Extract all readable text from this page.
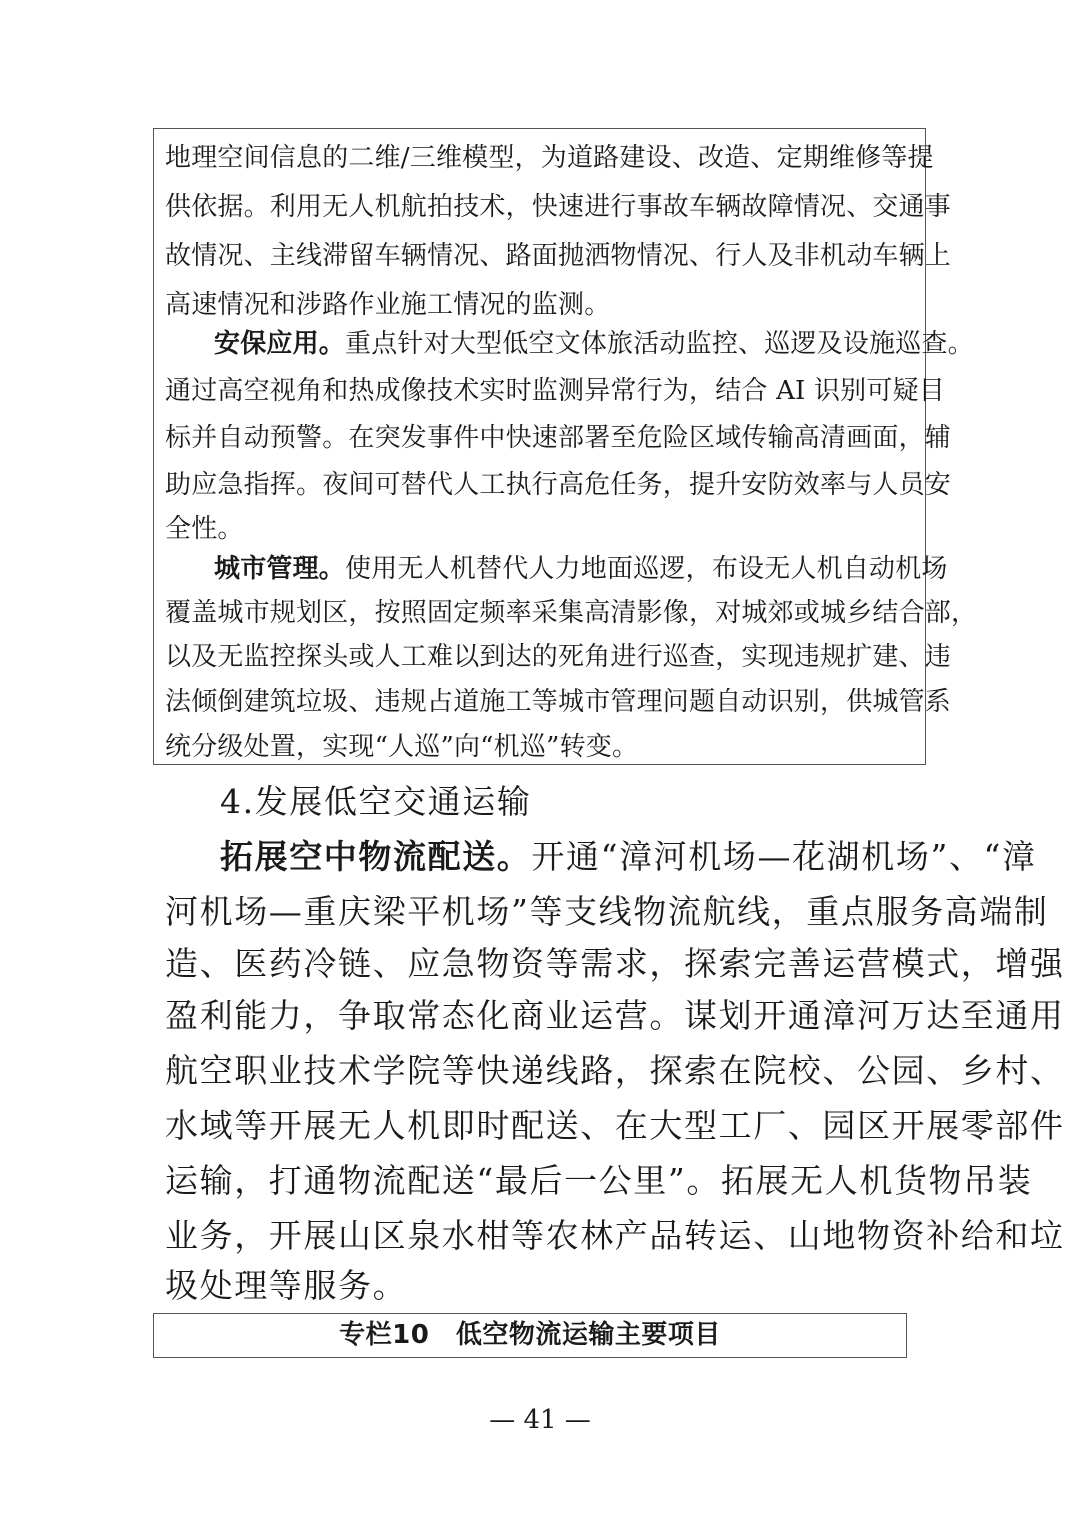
地理空间信息的二维/三维模型，为道路建设、改造、定期维修等提
供依据。利用无人机航拍技术，快速进行事故车辆故障情况、交通事
故情况、主线滞留车辆情况、路面抛洒物情况、行人及非机动车辆上
高速情况和涉路作业施工情况的监测。
安保应用。重点针对大型低空文体旅活动监控、巡逻及设施巡查。
通过高空视角和热成像技术实时监测异常行为，结合 AI 识别可疑目
标并自动预警。在突发事件中快速部署至危险区域传输高清画面，辅
助应急指挥。夜间可替代人工执行高危任务，提升安防效率与人员安
全性。
城市管理。使用无人机替代人力地面巡逻，布设无人机自动机场
覆盖城市规划区，按照固定频率采集高清影像，对城郊或城乡结合部，
以及无监控探头或人工难以到达的死角进行巡查，实现违规扩建、违
法倾倒建筑垃圾、违规占道施工等城市管理问题自动识别，供城管系
统分级处置，实现“人巡”向“机巡”转变。
4.发展低空交通运输
拓展空中物流配送。开通“漳河机场—花湖机场”、“漳
河机场—重庆梁平机场”等支线物流航线，重点服务高端制
造、医药冷链、应急物资等需求，探索完善运营模式，增强
盈利能力，争取常态化商业运营。谋划开通漳河万达至通用
航空职业技术学院等快递线路，探索在院校、公园、乡村、
水域等开展无人机即时配送、在大型工厂、园区开展零部件
运输，打通物流配送“最后一公里”。拓展无人机货物吊装
业务，开展山区泉水柑等农林产品转运、山地物资补给和垃
圾处理等服务。
专栏10　低空物流运输主要项目
— 41 —
